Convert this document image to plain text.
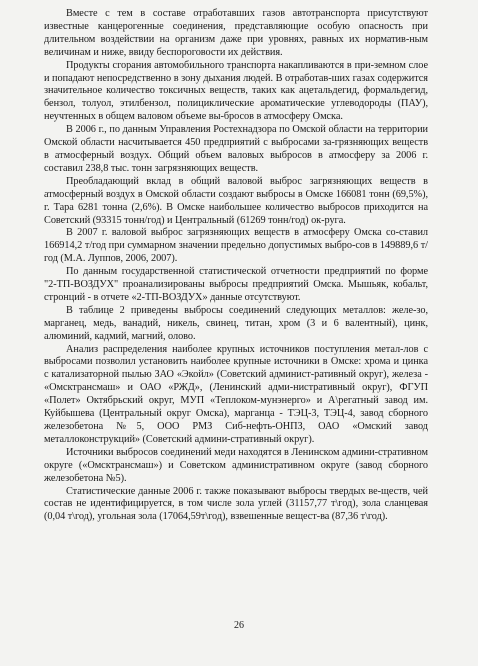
Вместе с тем в составе отработавших газов автотранспорта присутствуют известные канцерогенные соединения, представляющие особую опасность при длительном воздействии на организм даже при уровнях, равных их норматив-ным величинам и ниже, ввиду беспороговости их действия.

Продукты сгорания автомобильного транспорта накапливаются в при-земном слое и попадают непосредственно в зону дыхания людей. В отработав-ших газах содержится значительное количество токсичных веществ, таких как ацетальдегид, формальдегид, бензол, толуол, этилбензол, полициклические ароматические углеводороды (ПАУ), неучтенных в общем валовом объеме вы-бросов в атмосферу Омска.

В 2006 г., по данным Управления Ростехнадзора по Омской области на территории Омской области насчитывается 450 предприятий с выбросами за-грязняющих веществ в атмосферный воздух. Общий объем валовых выбросов в атмосферу за 2006 г. составил 238,8 тыс. тонн загрязняющих веществ.

Преобладающий вклад в общий валовой выброс загрязняющих веществ в атмосферный воздух в Омской области создают выбросы в Омске 166081 тонн (69,5%), г. Тара 6281 тонна (2,6%). В Омске наибольшее количество выбросов приходится на Советский (93315 тонн/год) и Центральный (61269 тонн/год) ок-руга.

В 2007 г. валовой выброс загрязняющих веществ в атмосферу Омска со-ставил 166914,2 т/год при суммарном значении предельно допустимых выбро-сов в 149889,6 т/год (М.А. Луппов, 2006, 2007).

По данным государственной статистической отчетности предприятий по форме "2-ТП-ВОЗДУХ" проанализированы выбросы предприятий Омска. Мышьяк, кобальт, стронций - в отчете «2-ТП-ВОЗДУХ» данные отсутствуют.

В таблице 2 приведены выбросы соединений следующих металлов: желе-зо, марганец, медь, ванадий, никель, свинец, титан, хром (3 и 6 валентный), цинк, алюминий, кадмий, магний, олово.

Анализ распределения наиболее крупных источников поступления метал-лов с выбросами позволил установить наиболее крупные источники в Омске: хрома и цинка с катализаторной пылью ЗАО «Экойл» (Советский админист-ративный округ), железа - «Омсктрансмаш» и ОАО «РЖД», (Ленинский адми-нистративный округ), ФГУП «Полет» Октябрьский округ, МУП «Теплоком-мунэнерго» и А\регатный завод им. Куйбышева (Центральный округ Омска), марганца - ТЭЦ-3, ТЭЦ-4, завод сборного железобетона №5, ООО РМЗ Сиб-нефть-ОНПЗ, ОАО «Омский завод металлоконструкций» (Советский админи-стративный округ).

Источники выбросов соединений меди находятся в Ленинском админи-стративном округе («Омсктрансмаш») и Советском административном округе (завод сборного железобетона №5).

Статистические данные 2006 г. также показывают выбросы твердых ве-ществ, чей состав не идентифицируется, в том числе зола углей (31157,77 т\год), зола сланцевая (0,04 т\год), угольная зола (17064,59т\год), взвешенные вещест-ва (87,36 т\год).

26
